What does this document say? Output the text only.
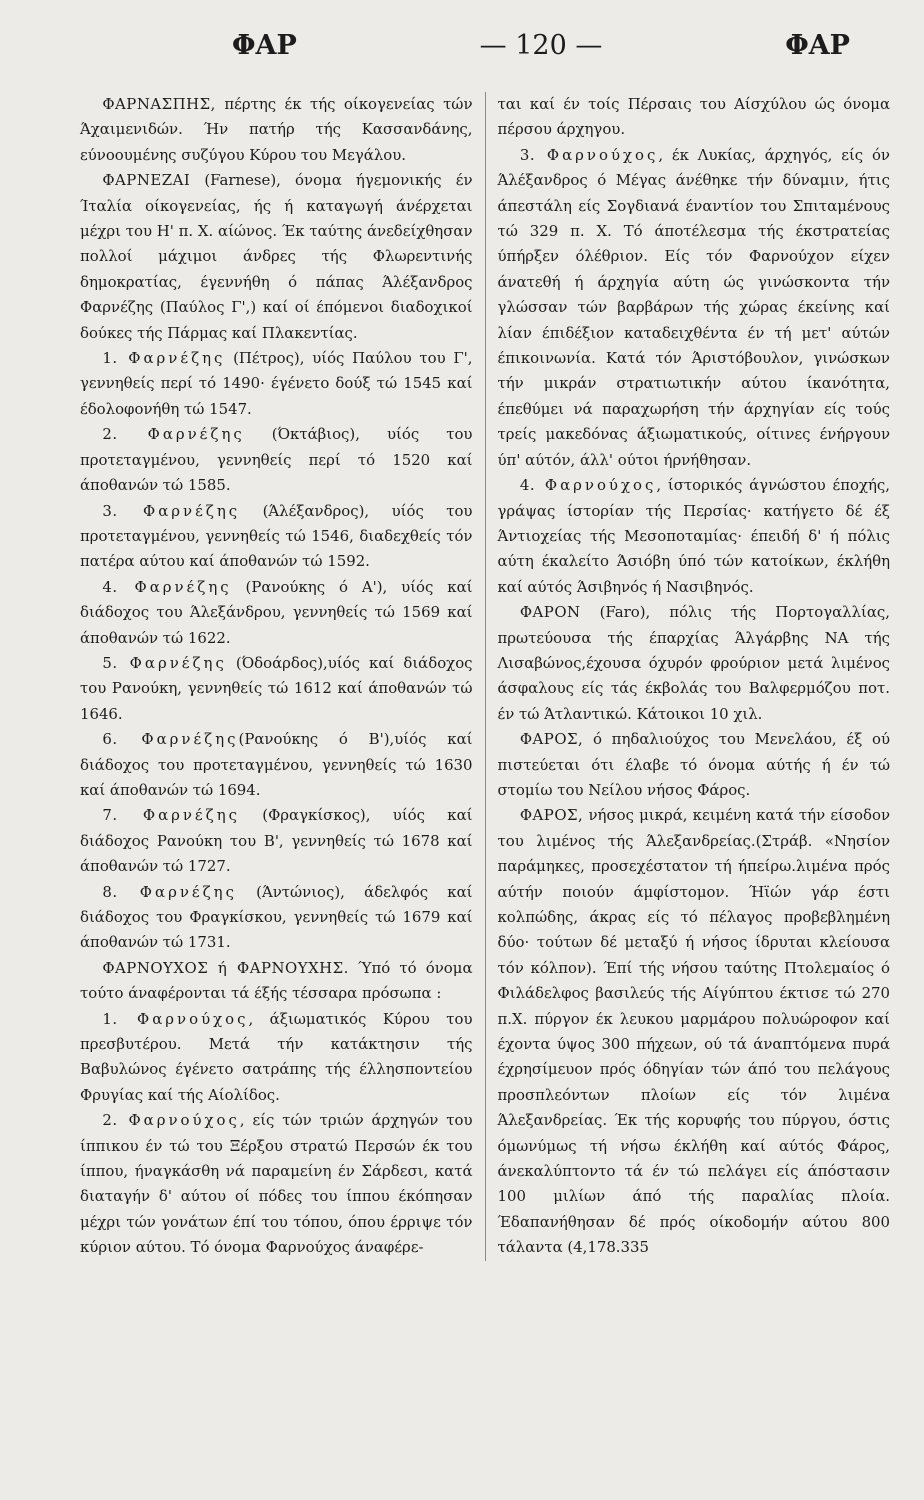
ΦΑΡ	— 120 —	ΦΑΡ

ΦΑΡΝΑΣΠΗΣ, πέρτης έκ τής οίκογενείας τών Άχαιμενιδών. Ήν πατήρ τής Κασσανδάνης, εύνοουμένης συζύγου Κύρου του Μεγάλου.

ΦΑΡΝΕΖΑΙ (Farnese), όνομα ήγεμονικής έν Ίταλία οίκογενείας, ής ή καταγωγή άνέρχεται μέχρι του Η' π. Χ. αίώνος. Έκ ταύτης άνεδείχθησαν πολλοί μάχιμοι άνδρες τής Φλωρεντινής δημοκρατίας, έγεννήθη ό πάπας Άλέξανδρος Φαρνέζης (Παύλος Γ',) καί οί έπόμενοι διαδοχικοί δούκες τής Πάρμας καί Πλακεντίας.

1. Φαρνέζης (Πέτρος), υίός Παύλου του Γ', γεννηθείς περί τό 1490· έγένετο δούξ τώ 1545 καί έδολοφονήθη τώ 1547.

2. Φαρνέζης (Όκτάβιος), υίός του προτεταγμένου, γεννηθείς περί τό 1520 καί άποθανών τώ 1585.

3. Φαρνέζης (Άλέξανδρος), υίός του προτεταγμένου, γεννηθείς τώ 1546, διαδεχθείς τόν πατέρα αύτου καί άποθανών τώ 1592.

4. Φαρνέζης (Ρανούκης ό Α'), υίός καί διάδοχος του Άλεξάνδρου, γεννηθείς τώ 1569 καί άποθανών τώ 1622.

5. Φαρνέζης (Όδοάρδος),υίός καί διάδοχος του Ρανούκη, γεννηθείς τώ 1612 καί άποθανών τώ 1646.

6. Φαρνέζης(Ρανούκης ό Β'),υίός καί διάδοχος του προτεταγμένου, γεννηθείς τώ 1630 καί άποθανών τώ 1694.

7. Φαρνέζης (Φραγκίσκος), υίός καί διάδοχος Ρανούκη του Β', γεννηθείς τώ 1678 καί άποθανών τώ 1727.

8. Φαρνέζης (Άντώνιος), άδελφός καί διάδοχος του Φραγκίσκου, γεννηθείς τώ 1679 καί άποθανών τώ 1731.

ΦΑΡΝΟΥΧΟΣ ή ΦΑΡΝΟΥΧΗΣ. Ύπό τό όνομα τούτο άναφέρονται τά έξής τέσσαρα πρόσωπα :

1. Φαρνούχος, άξιωματικός Κύρου του πρεσβυτέρου. Μετά τήν κατάκτησιν τής Βαβυλώνος έγένετο σατράπης τής έλλησποντείου Φρυγίας καί τής Αίολίδος.

2. Φαρνούχος, είς τών τριών άρχηγών του ίππικου έν τώ του Ξέρξου στρατώ Περσών έκ του ίππου, ήναγκάσθη νά παραμείνη έν Σάρδεσι, κατά διαταγήν δ' αύτου οί πόδες του ίππου έκόπησαν μέχρι τών γονάτων έπί του τόπου, όπου έρριψε τόν κύριον αύτου. Τό όνομα Φαρνούχος άναφέρε-

ται καί έν τοίς Πέρσαις του Αίσχύλου ώς όνομα πέρσου άρχηγου.

3. Φαρνούχος, έκ Λυκίας, άρχηγός, είς όν Άλέξανδρος ό Μέγας άνέθηκε τήν δύναμιν, ήτις άπεστάλη είς Σογδιανά έναντίον του Σπιταμένους τώ 329 π. Χ. Τό άποτέλεσμα τής έκστρατείας ύπήρξεν όλέθριον. Είς τόν Φαρνούχον είχεν άνατεθή ή άρχηγία αύτη ώς γινώσκοντα τήν γλώσσαν τών βαρβάρων τής χώρας έκείνης καί λίαν έπιδέξιον καταδειχθέντα έν τή μετ' αύτών έπικοινωνία. Κατά τόν Άριστόβουλον, γινώσκων τήν μικράν στρατιωτικήν αύτου ίκανότητα, έπεθύμει νά παραχωρήση τήν άρχηγίαν είς τούς τρείς μακεδόνας άξιωματικούς, οίτινες ένήργουν ύπ' αύτόν, άλλ' ούτοι ήρνήθησαν.

4. Φαρνούχος, ίστορικός άγνώστου έποχής, γράψας ίστορίαν τής Περσίας· κατήγετο δέ έξ Άντιοχείας τής Μεσοποταμίας· έπειδή δ' ή πόλις αύτη έκαλείτο Άσιόβη ύπό τών κατοίκων, έκλήθη καί αύτός Άσιβηνός ή Νασιβηνός.

ΦΑΡΟΝ (Faro), πόλις τής Πορτογαλλίας, πρωτεύουσα τής έπαρχίας Άλγάρβης ΝΑ τής Λισαβώνος,έχουσα όχυρόν φρούριον μετά λιμένος άσφαλους είς τάς έκβολάς του Βαλφερμόζου ποτ. έν τώ Άτλαντικώ. Κάτοικοι 10 χιλ.

ΦΑΡΟΣ, ό πηδαλιούχος του Μενελάου, έξ ού πιστεύεται ότι έλαβε τό όνομα αύτής ή έν τώ στομίω του Νείλου νήσος Φάρος.

ΦΑΡΟΣ, νήσος μικρά, κειμένη κατά τήν είσοδον του λιμένος τής Άλεξανδρείας.(Στράβ. «Νησίον παράμηκες, προσεχέστατον τή ήπείρω.λιμένα πρός αύτήν ποιούν άμφίστομον. Ήϊών γάρ έστι κολπώδης, άκρας είς τό πέλαγος προβεβλημένη δύο· τούτων δέ μεταξύ ή νήσος ίδρυται κλείουσα τόν κόλπον). Έπί τής νήσου ταύτης Πτολεμαίος ό Φιλάδελφος βασιλεύς τής Αίγύπτου έκτισε τώ 270 π.Χ. πύργον έκ λευκου μαρμάρου πολυώροφον καί έχοντα ύψος 300 πήχεων, ού τά άναπτόμενα πυρά έχρησίμευον πρός όδηγίαν τών άπό του πελάγους προσπλεόντων πλοίων είς τόν λιμένα Άλεξανδρείας. Έκ τής κορυφής του πύργου, όστις όμωνύμως τή νήσω έκλήθη καί αύτός Φάρος, άνεκαλύπτοντο τά έν τώ πελάγει είς άπόστασιν 100 μιλίων άπό τής παραλίας πλοία. Έδαπανήθησαν δέ πρός οίκοδομήν αύτου 800 τάλαντα (4,178.335
